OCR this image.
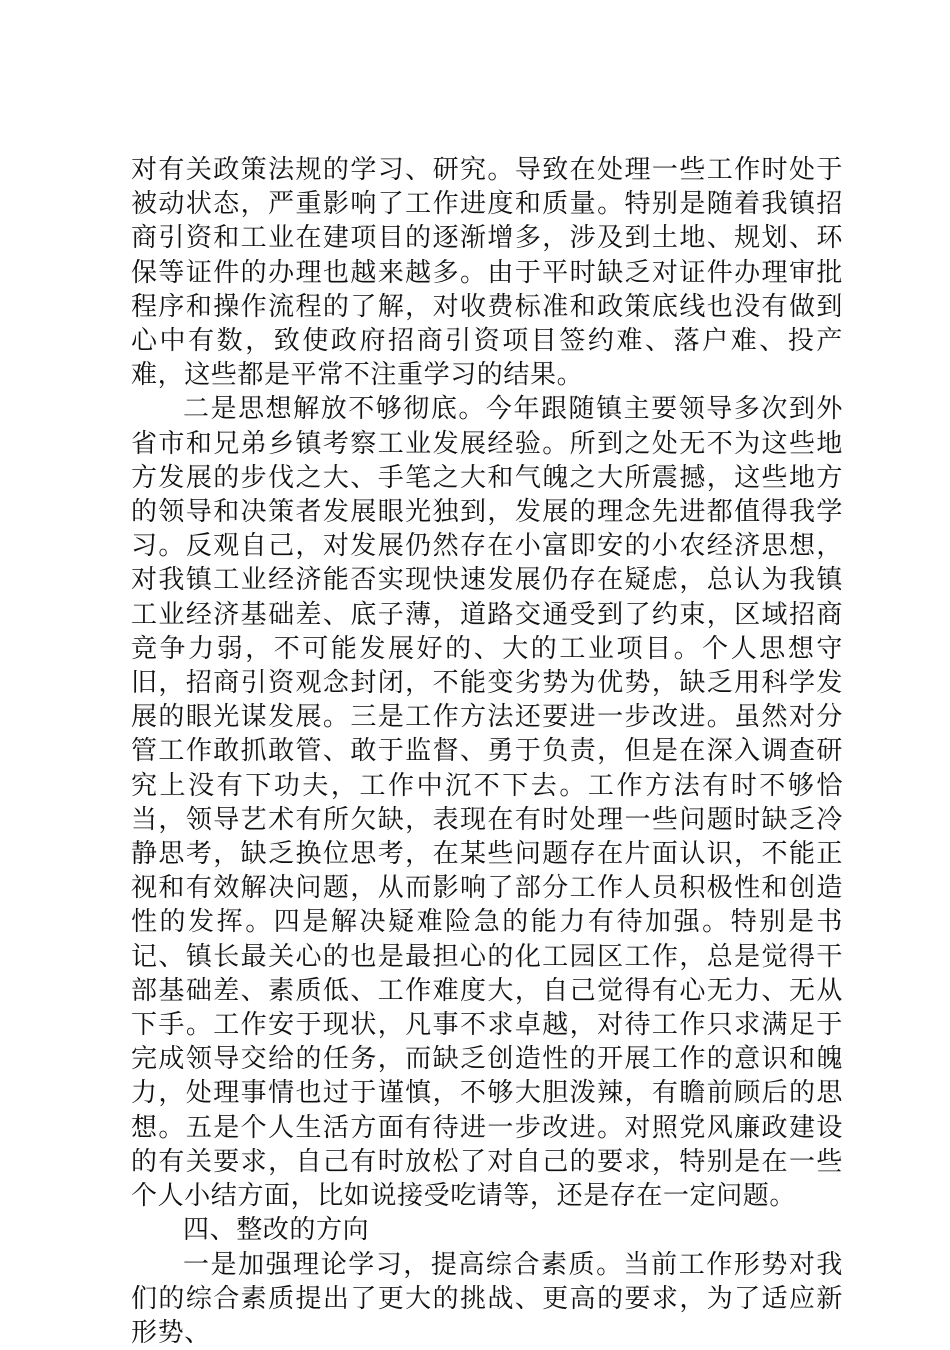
对有关政策法规的学习、研究。导致在处理一些工作时处于被动状态，严重影响了工作进度和质量。特别是随着我镇招商引资和工业在建项目的逐渐增多，涉及到土地、规划、环保等证件的办理也越来越多。由于平时缺乏对证件办理审批程序和操作流程的了解，对收费标准和政策底线也没有做到心中有数，致使政府招商引资项目签约难、落户难、投产难，这些都是平常不注重学习的结果。

二是思想解放不够彻底。今年跟随镇主要领导多次到外省市和兄弟乡镇考察工业发展经验。所到之处无不为这些地方发展的步伐之大、手笔之大和气魄之大所震撼，这些地方的领导和决策者发展眼光独到，发展的理念先进都值得我学习。反观自己，对发展仍然存在小富即安的小农经济思想，对我镇工业经济能否实现快速发展仍存在疑虑，总认为我镇工业经济基础差、底子薄，道路交通受到了约束，区域招商竞争力弱，不可能发展好的、大的工业项目。个人思想守旧，招商引资观念封闭，不能变劣势为优势，缺乏用科学发展的眼光谋发展。三是工作方法还要进一步改进。虽然对分管工作敢抓敢管、敢于监督、勇于负责，但是在深入调查研究上没有下功夫，工作中沉不下去。工作方法有时不够恰当，领导艺术有所欠缺，表现在有时处理一些问题时缺乏冷静思考，缺乏换位思考，在某些问题存在片面认识，不能正视和有效解决问题，从而影响了部分工作人员积极性和创造性的发挥。四是解决疑难险急的能力有待加强。特别是书记、镇长最关心的也是最担心的化工园区工作，总是觉得干部基础差、素质低、工作难度大，自己觉得有心无力、无从下手。工作安于现状，凡事不求卓越，对待工作只求满足于完成领导交给的任务，而缺乏创造性的开展工作的意识和魄力，处理事情也过于谨慎，不够大胆泼辣，有瞻前顾后的思想。五是个人生活方面有待进一步改进。对照党风廉政建设的有关要求，自己有时放松了对自己的要求，特别是在一些个人小结方面，比如说接受吃请等，还是存在一定问题。

四、整改的方向

一是加强理论学习，提高综合素质。当前工作形势对我们的综合素质提出了更大的挑战、更高的要求，为了适应新形势、
